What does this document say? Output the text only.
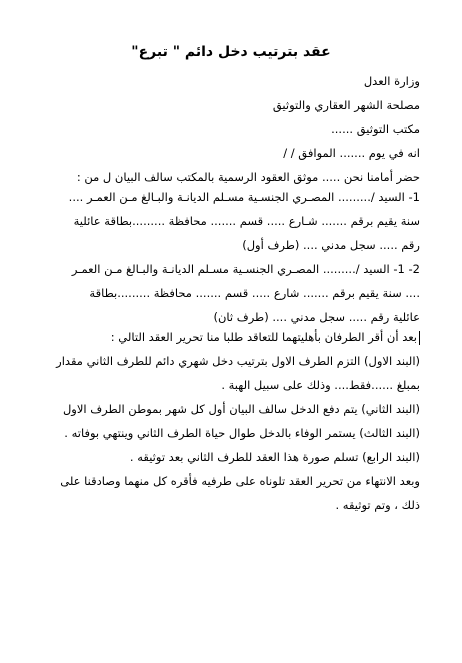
عقد بترتيب دخل دائم " تبرع"
وزارة العدل
مصلحة الشهر العقاري والتوثيق
مكتب التوثيق ......
انه في يوم ....... الموافق / /
حضر أمامنا نحن ..... موثق العقود الرسمية بالمكتب سالف البيان ل من :
1- السيد /......... المصـري الجنسـية مسـلم الديانـة والبـالغ مـن العمـر ....
سنة يقيم برقم ....... شـارع ..... قسم ....... محافظة .........بطاقة عائلية
رقم ..... سجل مدني .... (طرف أول)
2- 1- السيد /......... المصـري الجنسـية مسـلم الديانـة والبـالغ مـن العمـر
.... سنة يقيم برقم ....... شارع ..... قسم ....... محافظة .........بطاقة
عائلية رقم ..... سجل مدني .... (طرف ثان)
بعد أن أقر الطرفان بأهليتهما للتعاقد طلبا منا تحرير العقد التالي :
(البند الاول) التزم الطرف الاول بترتيب دخل شهري دائم للطرف الثاني مقدار
بمبلغ ......فقط.... وذلك على سبيل الهبة .
(البند الثاني) يتم دفع الدخل سالف البيان أول كل شهر بموطن الطرف الاول
(البند الثالث) يستمر الوفاء بالدخل طوال حياة الطرف الثاني وينتهي بوفاته .
(البند الرابع) تسلم صورة هذا العقد للطرف الثاني بعد توثيقه .
وبعد الانتهاء من تحرير العقد تلوناه على طرفيه فأقره كل منهما وصادقنا على
ذلك ، وتم توثيقه .
